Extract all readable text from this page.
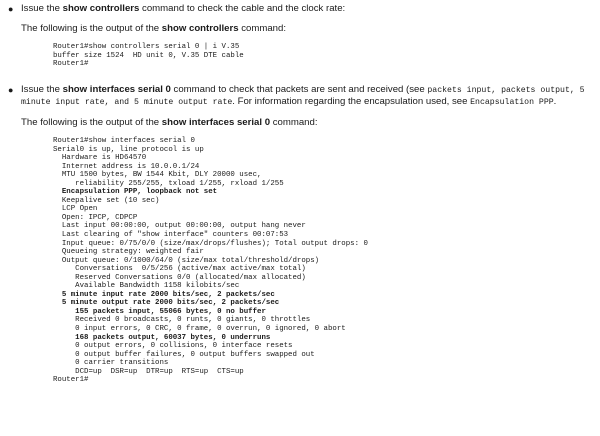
● Issue the show controllers command to check the cable and the clock rate:
The following is the output of the show controllers command:
Router1#show controllers serial 0 | i V.35
buffer size 1524  HD unit 0, V.35 DTE cable
Router1#
● Issue the show interfaces serial 0 command to check that packets are sent and received (see packets input, packets output, 5
minute input rate, and 5 minute output rate. For information regarding the encapsulation used, see Encapsulation PPP.
The following is the output of the show interfaces serial 0 command:
Router1#show interfaces serial 0
Serial0 is up, line protocol is up
Hardware is HD64570
Internet address is 10.0.0.1/24
MTU 1500 bytes, BW 1544 Kbit, DLY 20000 usec,
reliability 255/255, txload 1/255, rxload 1/255
Encapsulation PPP, loopback not set
Keepalive set (10 sec)
LCP Open
Open: IPCP, CDPCP
Last input 00:00:00, output 00:00:00, output hang never
Last clearing of "show interface" counters 00:07:53
Input queue: 0/75/0/0 (size/max/drops/flushes); Total output drops: 0
Queueing strategy: weighted fair
Output queue: 0/1000/64/0 (size/max total/threshold/drops)
Conversations  0/5/256 (active/max active/max total)
Reserved Conversations 0/0 (allocated/max allocated)
Available Bandwidth 1158 kilobits/sec
5 minute input rate 2000 bits/sec, 2 packets/sec
5 minute output rate 2000 bits/sec, 2 packets/sec
155 packets input, 55066 bytes, 0 no buffer
Received 0 broadcasts, 0 runts, 0 giants, 0 throttles
0 input errors, 0 CRC, 0 frame, 0 overrun, 0 ignored, 0 abort
168 packets output, 60037 bytes, 0 underruns
0 output errors, 0 collisions, 0 interface resets
0 output buffer failures, 0 output buffers swapped out
0 carrier transitions
DCD=up  DSR=up  DTR=up  RTS=up  CTS=up
Router1#
